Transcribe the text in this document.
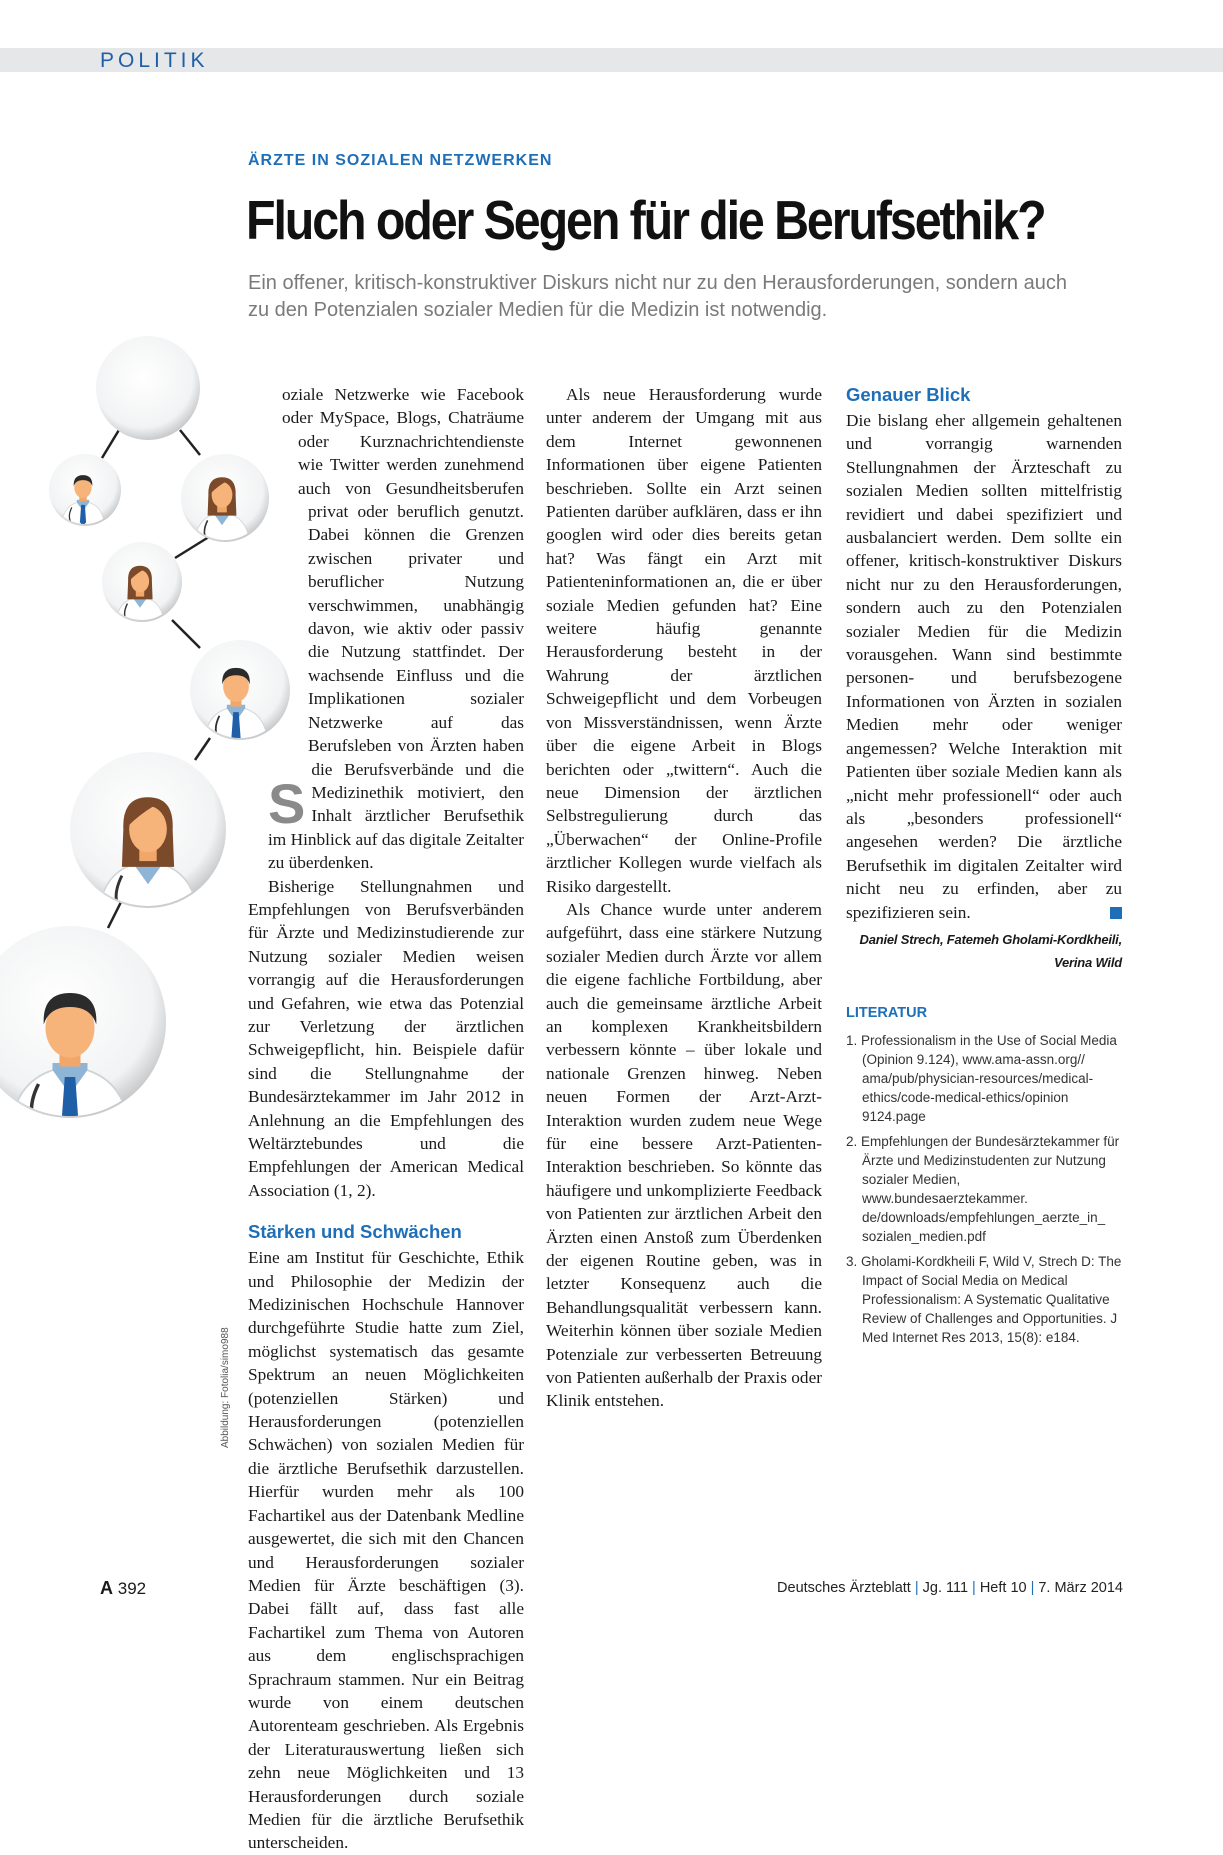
POLITIK
ÄRZTE IN SOZIALEN NETZWERKEN
Fluch oder Segen für die Berufsethik?
Ein offener, kritisch-konstruktiver Diskurs nicht nur zu den Herausforderungen, sondern auch zu den Potenzialen sozialer Medien für die Medizin ist notwendig.
Abbildung: Fotolia/simo988

S
oziale Netzwerke wie Facebook oder MySpace, Blogs, Chaträume oder Kurznachrichtendienste wie Twitter werden zunehmend auch von Gesundheitsberufen privat oder beruflich genutzt. Dabei können die Grenzen zwischen privater und beruflicher Nutzung verschwimmen, unabhängig davon, wie aktiv oder passiv die Nutzung stattfindet. Der wachsende Einfluss und die Implikationen sozialer Netzwerke auf das Berufsleben von Ärzten haben die Berufsverbände und die Medizinethik motiviert, den Inhalt ärztlicher Berufsethik im Hinblick auf das digitale Zeitalter zu überdenken.

Bisherige Stellungnahmen und Empfehlungen von Berufsverbänden für Ärzte und Medizinstudierende zur Nutzung sozialer Medien weisen vorrangig auf die Herausforderungen und Gefahren, wie etwa das Potenzial zur Verletzung der ärztlichen Schweigepflicht, hin. Beispiele dafür sind die Stellungnahme der Bundesärztekammer im Jahr 2012 in Anlehnung an die Empfehlungen des Weltärztebundes und die Empfehlungen der American Medical Association (1, 2).

Stärken und Schwächen

Eine am Institut für Geschichte, Ethik und Philosophie der Medizin der Medizinischen Hochschule Hannover durchgeführte Studie hatte zum Ziel, möglichst systematisch das gesamte Spektrum an neuen Möglichkeiten (potenziellen Stärken) und Herausforderungen (potenziellen Schwächen) von sozialen Medien für die ärztliche Berufsethik darzustellen. Hierfür wurden mehr als 100 Fachartikel aus der Datenbank Medline ausgewertet, die sich mit den Chancen und Herausforderungen sozialer Medien für Ärzte beschäftigen (3). Dabei fällt auf, dass fast alle Fachartikel zum Thema von Autoren aus dem englischsprachigen Sprachraum stammen. Nur ein Beitrag wurde von einem deutschen Autorenteam geschrieben. Als Ergebnis der Literaturauswertung ließen sich zehn neue Möglichkeiten und 13 Herausforderungen durch soziale Medien für die ärztliche Berufsethik unterscheiden.

Als neue Herausforderung wurde unter anderem der Umgang mit aus dem Internet gewonnenen Informationen über eigene Patienten beschrieben. Sollte ein Arzt seinen Patienten darüber aufklären, dass er ihn googlen wird oder dies bereits getan hat? Was fängt ein Arzt mit Patienteninformationen an, die er über soziale Medien gefunden hat? Eine weitere häufig genannte Herausforderung besteht in der Wahrung der ärztlichen Schweigepflicht und dem Vorbeugen von Missverständnissen, wenn Ärzte über die eigene Arbeit in Blogs berichten oder „twittern“. Auch die neue Dimension der ärztlichen Selbstregulierung durch das „Überwachen“ der Online-Profile ärztlicher Kollegen wurde vielfach als Risiko dargestellt.

Als Chance wurde unter anderem aufgeführt, dass eine stärkere Nutzung sozialer Medien durch Ärzte vor allem die eigene fachliche Fortbildung, aber auch die gemeinsame ärztliche Arbeit an komplexen Krankheitsbildern verbessern könnte – über lokale und nationale Grenzen hinweg. Neben neuen Formen der Arzt-Arzt-Interaktion wurden zudem neue Wege für eine bessere Arzt-Patienten-Interaktion beschrieben. So könnte das häufigere und unkomplizierte Feedback von Patienten zur ärztlichen Arbeit den Ärzten einen Anstoß zum Überdenken der eigenen Routine geben, was in letzter Konsequenz auch die Behandlungsqualität verbessern kann. Weiterhin können über soziale Medien Potenziale zur verbesserten Betreuung von Patienten außerhalb der Praxis oder Klinik entstehen.

Genauer Blick

Die bislang eher allgemein gehaltenen und vorrangig warnenden Stellungnahmen der Ärzteschaft zu sozialen Medien sollten mittelfristig revidiert und dabei spezifiziert und ausbalanciert werden. Dem sollte ein offener, kritisch-konstruktiver Diskurs nicht nur zu den Herausforderungen, sondern auch zu den Potenzialen sozialer Medien für die Medizin vorausgehen. Wann sind bestimmte personen- und berufsbezogene Informationen von Ärzten in sozialen Medien mehr oder weniger angemessen? Welche Interaktion mit Patienten über soziale Medien kann als „nicht mehr professionell“ oder auch als „besonders professionell“ angesehen werden? Die ärztliche Berufsethik im digitalen Zeitalter wird nicht neu zu erfinden, aber zu spezifizieren sein.

Daniel Strech, Fatemeh Gholami-Kordkheili, Verina Wild
LITERATUR
1. Professionalism in the Use of Social Media (Opinion 9.124), www.ama-assn.org// ama/pub/physician-resources/medical-ethics/code-medical-ethics/opinion 9124.page
2. Empfehlungen der Bundesärztekammer für Ärzte und Medizinstudenten zur Nutzung sozialer Medien, www.bundesaerztekammer. de/downloads/empfehlungen_aerzte_in_ sozialen_medien.pdf
3. Gholami-Kordkheili F, Wild V, Strech D: The Impact of Social Media on Medical Professionalism: A Systematic Qualitative Review of Challenges and Opportunities. J Med Internet Res 2013, 15(8): e184.
A 392	Deutsches Ärzteblatt | Jg. 111 | Heft 10 | 7. März 2014
